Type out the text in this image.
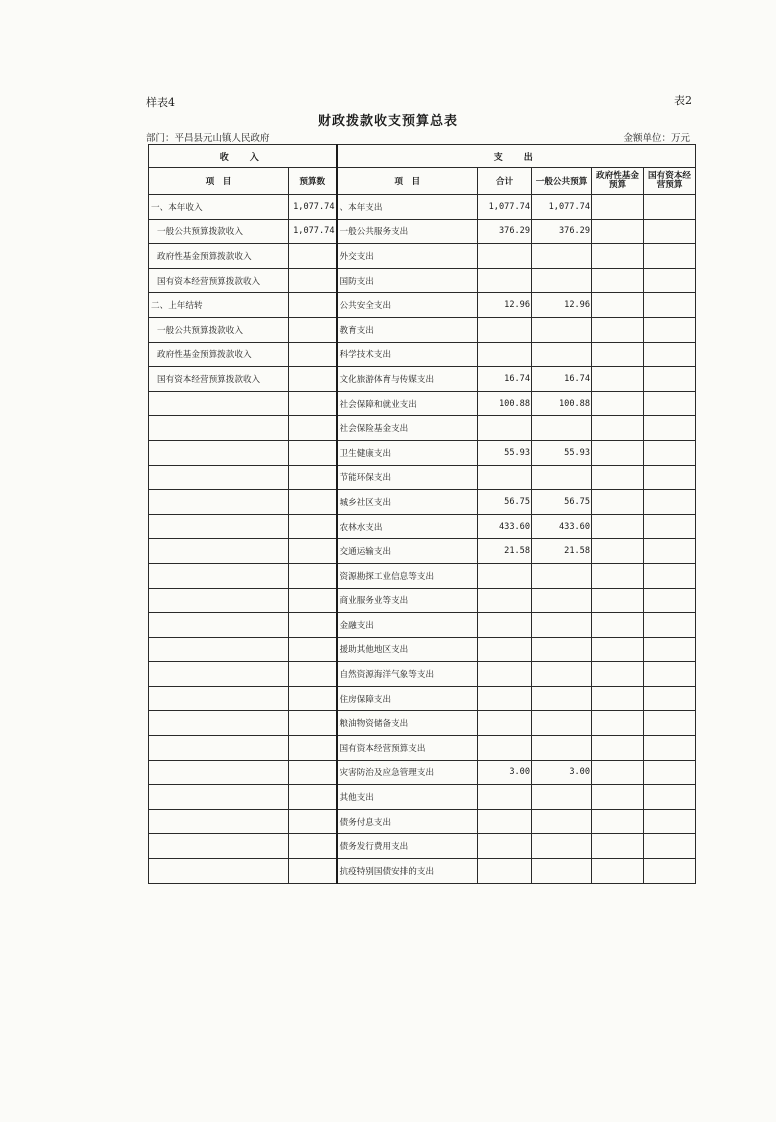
样表4	表2
财政拨款收支预算总表
部门：平昌县元山镇人民政府	金额单位：万元
收　入		支　出				
项　目	预算数	项　目	合计	一般公共预算	政府性基金预算	国有资本经营预算
一、本年收入	1,077.74	、本年支出	1,077.74	1,077.74		
一般公共预算拨款收入	1,077.74	一般公共服务支出	376.29	376.29		
政府性基金预算拨款收入		外交支出				
国有资本经营预算拨款收入		国防支出				
二、上年结转		公共安全支出	12.96	12.96		
一般公共预算拨款收入		教育支出				
政府性基金预算拨款收入		科学技术支出				
国有资本经营预算拨款收入		文化旅游体育与传媒支出	16.74	16.74		
		社会保障和就业支出	100.88	100.88		
		社会保险基金支出				
		卫生健康支出	55.93	55.93		
		节能环保支出				
		城乡社区支出	56.75	56.75		
		农林水支出	433.60	433.60		
		交通运输支出	21.58	21.58		
		资源勘探工业信息等支出				
		商业服务业等支出				
		金融支出				
		援助其他地区支出				
		自然资源海洋气象等支出				
		住房保障支出				
		粮油物资储备支出				
		国有资本经营预算支出				
		灾害防治及应急管理支出	3.00	3.00		
		其他支出				
		债务付息支出				
		债务发行费用支出				
		抗疫特别国债安排的支出				
